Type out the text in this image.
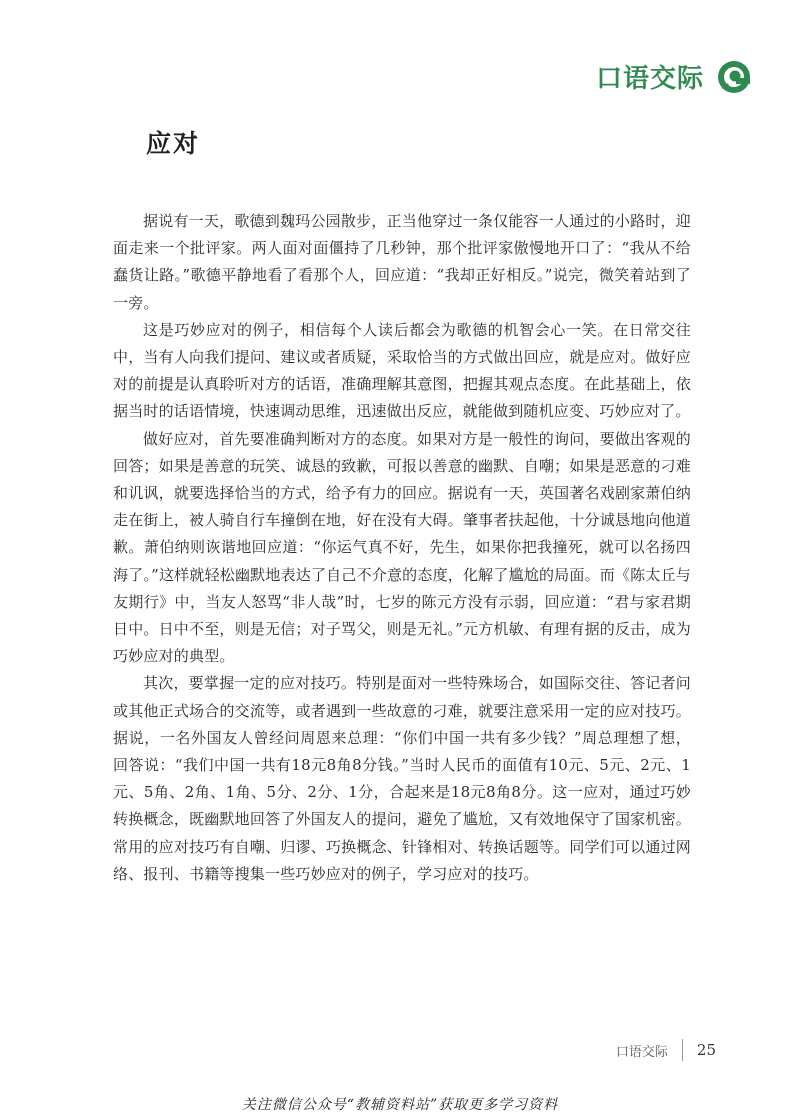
口语交际
应对

据说有一天，歌德到魏玛公园散步，正当他穿过一条仅能容一人通过的小路时，迎面走来一个批评家。两人面对面僵持了几秒钟，那个批评家傲慢地开口了：“我从不给蠢货让路。”歌德平静地看了看那个人，回应道：“我却正好相反。”说完，微笑着站到了一旁。

这是巧妙应对的例子，相信每个人读后都会为歌德的机智会心一笑。在日常交往中，当有人向我们提问、建议或者质疑，采取恰当的方式做出回应，就是应对。做好应对的前提是认真聆听对方的话语，准确理解其意图，把握其观点态度。在此基础上，依据当时的话语情境，快速调动思维，迅速做出反应，就能做到随机应变、巧妙应对了。

做好应对，首先要准确判断对方的态度。如果对方是一般性的询问，要做出客观的回答；如果是善意的玩笑、诚恳的致歉，可报以善意的幽默、自嘲；如果是恶意的刁难和讥讽，就要选择恰当的方式，给予有力的回应。据说有一天，英国著名戏剧家萧伯纳走在街上，被人骑自行车撞倒在地，好在没有大碍。肇事者扶起他，十分诚恳地向他道歉。萧伯纳则诙谐地回应道：“你运气真不好，先生，如果你把我撞死，就可以名扬四海了。”这样就轻松幽默地表达了自己不介意的态度，化解了尴尬的局面。而《陈太丘与友期行》中，当友人怒骂“非人哉”时，七岁的陈元方没有示弱，回应道：“君与家君期日中。日中不至，则是无信；对子骂父，则是无礼。”元方机敏、有理有据的反击，成为巧妙应对的典型。

其次，要掌握一定的应对技巧。特别是面对一些特殊场合，如国际交往、答记者问或其他正式场合的交流等，或者遇到一些故意的刁难，就要注意采用一定的应对技巧。据说，一名外国友人曾经问周恩来总理：“你们中国一共有多少钱？”周总理想了想，回答说：“我们中国一共有18元8角8分钱。”当时人民币的面值有10元、5元、2元、1元、5角、2角、1角、5分、2分、1分，合起来是18元8角8分。这一应对，通过巧妙转换概念，既幽默地回答了外国友人的提问，避免了尴尬，又有效地保守了国家机密。常用的应对技巧有自嘲、归谬、巧换概念、针锋相对、转换话题等。同学们可以通过网络、报刊、书籍等搜集一些巧妙应对的例子，学习应对的技巧。

口语交际 25
关注微信公众号“教辅资料站”获取更多学习资料
